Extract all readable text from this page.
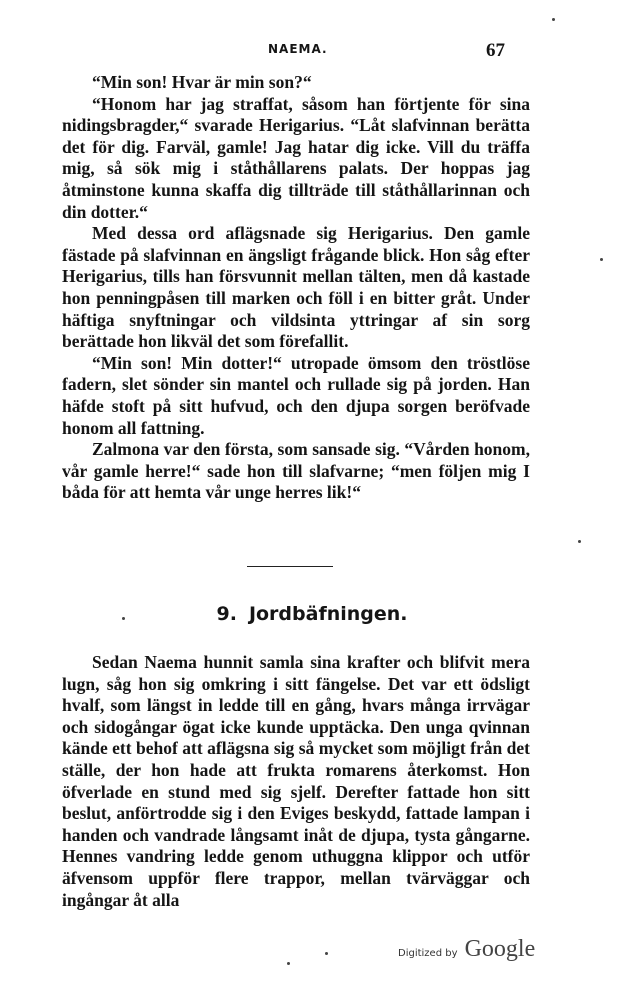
NAEMA.	67

“Min son! Hvar är min son?“

“Honom har jag straffat, såsom han förtjente för sina nidingsbragder,“ svarade Herigarius. “Låt slafvinnan berätta det för dig. Farväl, gamle! Jag hatar dig icke. Vill du träffa mig, så sök mig i ståthållarens palats. Der hoppas jag åtminstone kunna skaffa dig tillträde till ståthållarinnan och din dotter.“

Med dessa ord aflägsnade sig Herigarius. Den gamle fästade på slafvinnan en ängsligt frågande blick. Hon såg efter Herigarius, tills han försvunnit mellan tälten, men då kastade hon penningpåsen till marken och föll i en bitter gråt. Under häftiga snyftningar och vildsinta yttringar af sin sorg berättade hon likväl det som förefallit.

“Min son! Min dotter!“ utropade ömsom den tröstlöse fadern, slet sönder sin mantel och rullade sig på jorden. Han häfde stoft på sitt hufvud, och den djupa sorgen beröfvade honom all fattning.

Zalmona var den första, som sansade sig. “Vården honom, vår gamle herre!“ sade hon till slafvarne; “men följen mig I båda för att hemta vår unge herres lik!“

9. Jordbäfningen.

Sedan Naema hunnit samla sina krafter och blifvit mera lugn, såg hon sig omkring i sitt fängelse. Det var ett ödsligt hvalf, som längst in ledde till en gång, hvars många irrvägar och sidogångar ögat icke kunde upptäcka. Den unga qvinnan kände ett behof att aflägsna sig så mycket som möjligt från det ställe, der hon hade att frukta romarens återkomst. Hon öfverlade en stund med sig sjelf. Derefter fattade hon sitt beslut, anförtrodde sig i den Eviges beskydd, fattade lampan i handen och vandrade långsamt inåt de djupa, tysta gångarne. Hennes vandring ledde genom uthuggna klippor och utför äfvensom uppför flere trappor, mellan tvärväggar och ingångar åt alla

Digitized by Google
